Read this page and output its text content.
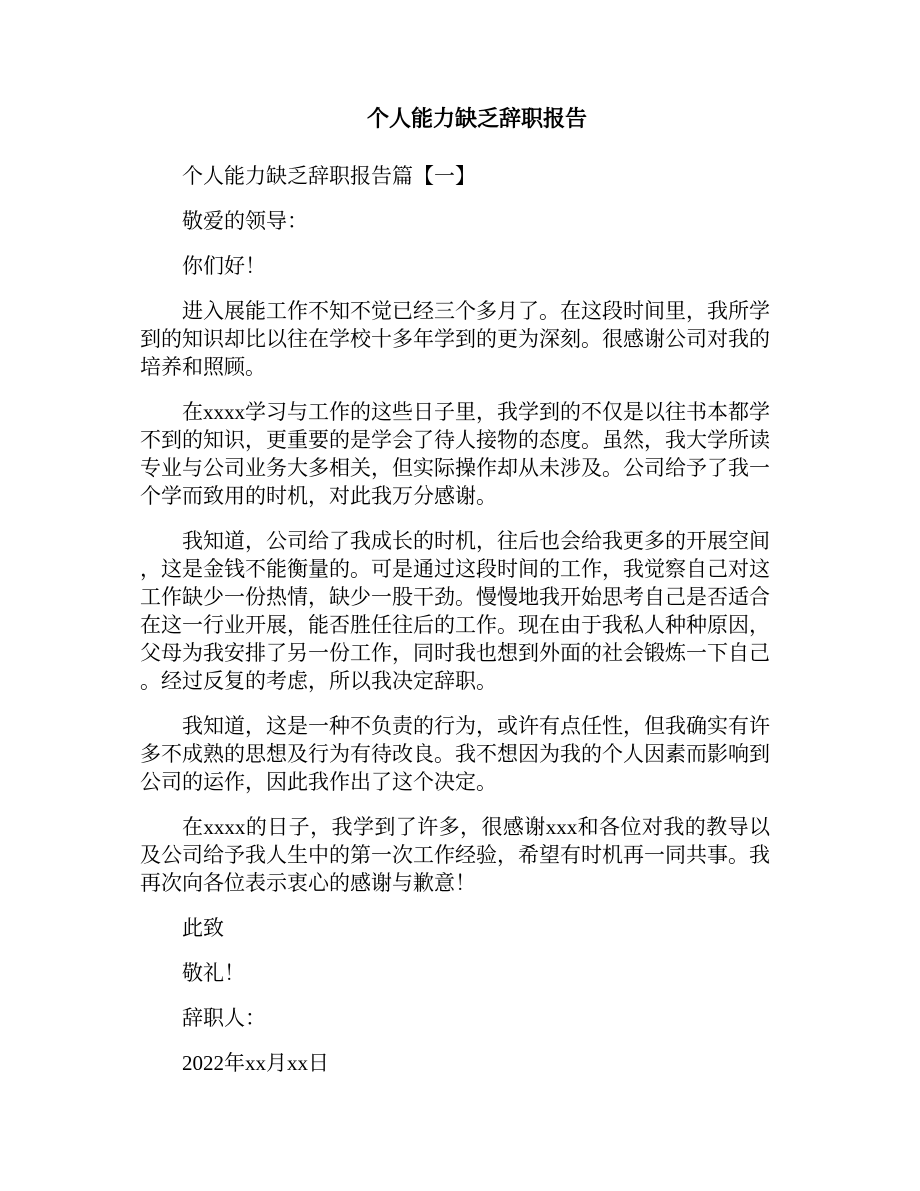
个人能力缺乏辞职报告

个人能力缺乏辞职报告篇【一】

敬爱的领导：

你们好！

进入展能工作不知不觉已经三个多月了。在这段时间里，我所学到的知识却比以往在学校十多年学到的更为深刻。很感谢公司对我的培养和照顾。

在xxxx学习与工作的这些日子里，我学到的不仅是以往书本都学不到的知识，更重要的是学会了待人接物的态度。虽然，我大学所读专业与公司业务大多相关，但实际操作却从未涉及。公司给予了我一个学而致用的时机，对此我万分感谢。

我知道，公司给了我成长的时机，往后也会给我更多的开展空间，这是金钱不能衡量的。可是通过这段时间的工作，我觉察自己对这工作缺少一份热情，缺少一股干劲。慢慢地我开始思考自己是否适合在这一行业开展，能否胜任往后的工作。现在由于我私人种种原因，父母为我安排了另一份工作，同时我也想到外面的社会锻炼一下自己。经过反复的考虑，所以我决定辞职。

我知道，这是一种不负责的行为，或许有点任性，但我确实有许多不成熟的思想及行为有待改良。我不想因为我的个人因素而影响到公司的运作，因此我作出了这个决定。

在xxxx的日子，我学到了许多，很感谢xxx和各位对我的教导以及公司给予我人生中的第一次工作经验，希望有时机再一同共事。我再次向各位表示衷心的感谢与歉意！

此致

敬礼！

辞职人：

2022年xx月xx日
